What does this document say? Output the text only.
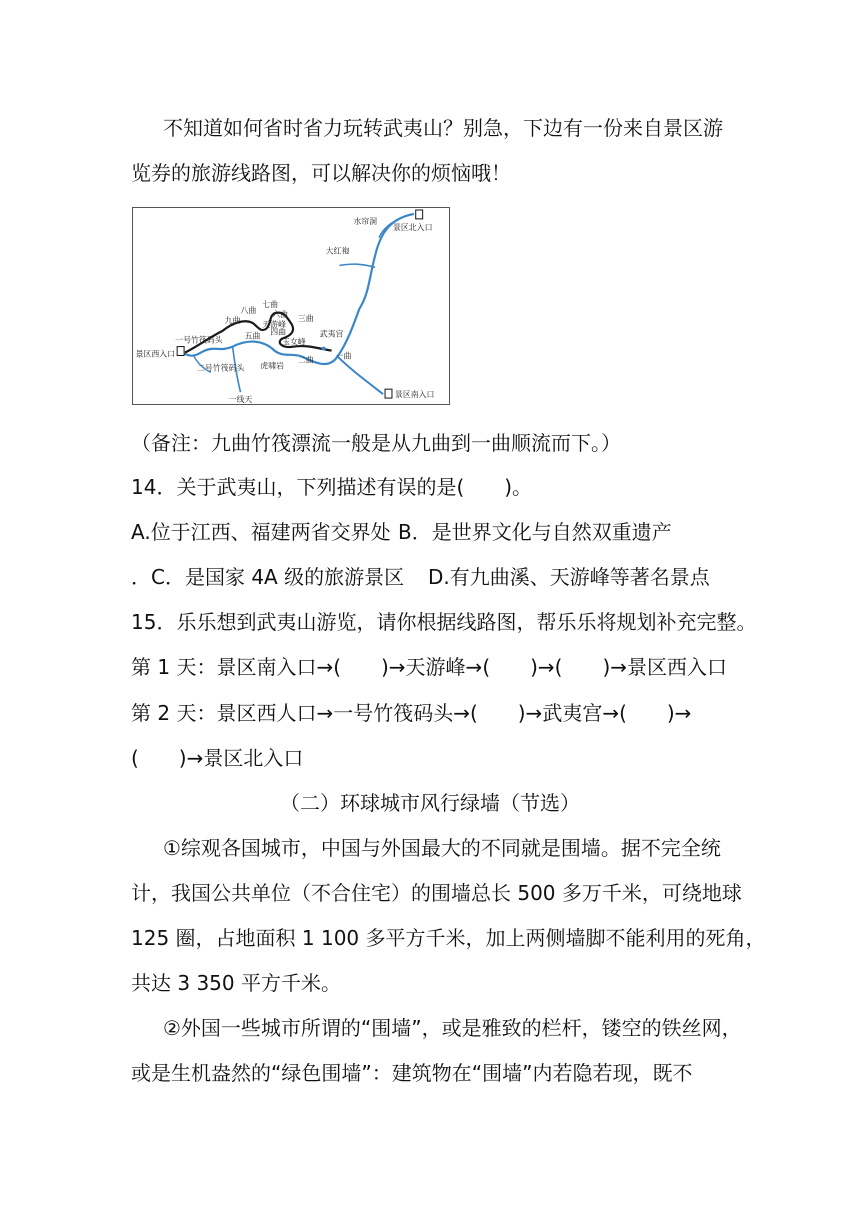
不知道如何省时省力玩转武夷山？别急，下边有一份来自景区游
览券的旅游线路图，可以解决你的烦恼哦！
水帘洞
景区北入口
大红袍
七曲
八曲 六曲
九曲	天游峰
三曲
五曲 四曲	武夷宫
玉女峰
一号竹筏码头
景区西入口
二曲	一曲
二号竹筏码头 虎啸岩
一线天
景区南入口
（备注：九曲竹筏漂流一般是从九曲到一曲顺流而下。）
14．关于武夷山，下列描述有误的是(　　)。
A.位于江西、福建两省交界处 B．是世界文化与自然双重遗产
．C．是国家 4A 级的旅游景区 D.有九曲溪、天游峰等著名景点
15．乐乐想到武夷山游览，请你根据线路图，帮乐乐将规划补充完整。
第 1 天：景区南入口→(　　)→天游峰→(　　)→(　　)→景区西入口
第 2 天：景区西人口→一号竹筏码头→(　　)→武夷宫→(　　)→
(　　)→景区北入口
（二）环球城市风行绿墙（节选）
①综观各国城市，中国与外国最大的不同就是围墙。据不完全统
计，我国公共单位（不合住宅）的围墙总长 500 多万千米，可绕地球
125 圈，占地面积 1 100 多平方千米，加上两侧墙脚不能利用的死角，
共达 3 350 平方千米。
②外国一些城市所谓的“围墙”，或是雅致的栏杆，镂空的铁丝网，
或是生机盎然的“绿色围墙”：建筑物在“围墙”内若隐若现，既不
